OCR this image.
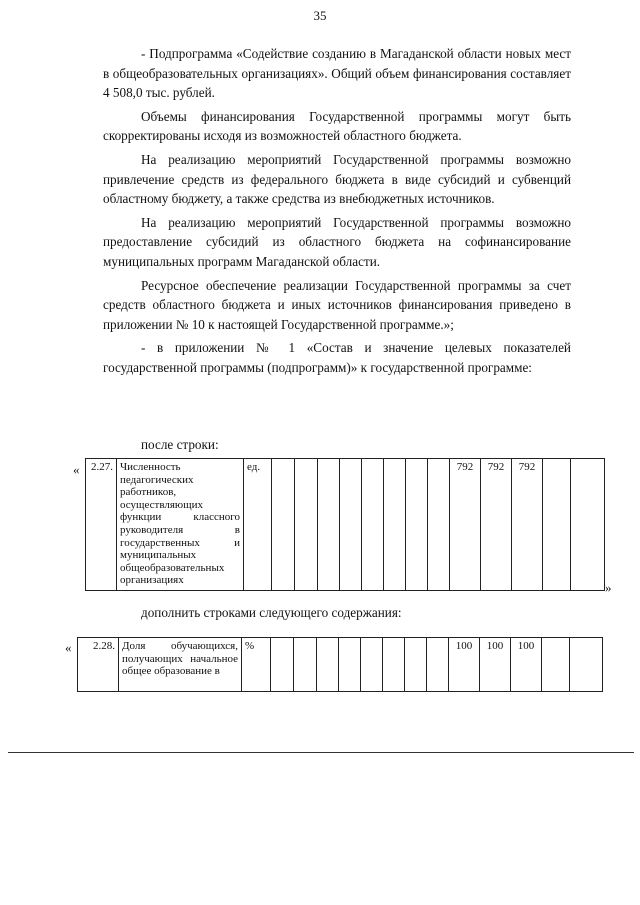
35

- Подпрограмма «Содействие созданию в Магаданской области новых мест в общеобразовательных организациях». Общий объем финансирования составляет 4 508,0 тыс. рублей.

Объемы финансирования Государственной программы могут быть скорректированы исходя из возможностей областного бюджета.

На реализацию мероприятий Государственной программы возможно привлечение средств из федерального бюджета в виде субсидий и субвенций областному бюджету, а также средства из внебюджетных источников.

На реализацию мероприятий Государственной программы возможно предоставление субсидий из областного бюджета на софинансирование муниципальных программ Магаданской области.

Ресурсное обеспечение реализации Государственной программы за счет средств областного бюджета и иных источников финансирования приведено в приложении № 10 к настоящей Государственной программе.»;

- в приложении № 1 «Состав и значение целевых показателей государственной программы (подпрограмм)» к государственной программе:

после строки:
« 2.27.	Численность педагогических работников, осуществляющих функции классного руководителя в государственных и муниципальных общеобразовательных организациях	ед.									792	792	792		
»
дополнить строками следующего содержания:
« 2.28.	Доля обучающихся, получающих начальное общее образование в	%									100	100	100		
